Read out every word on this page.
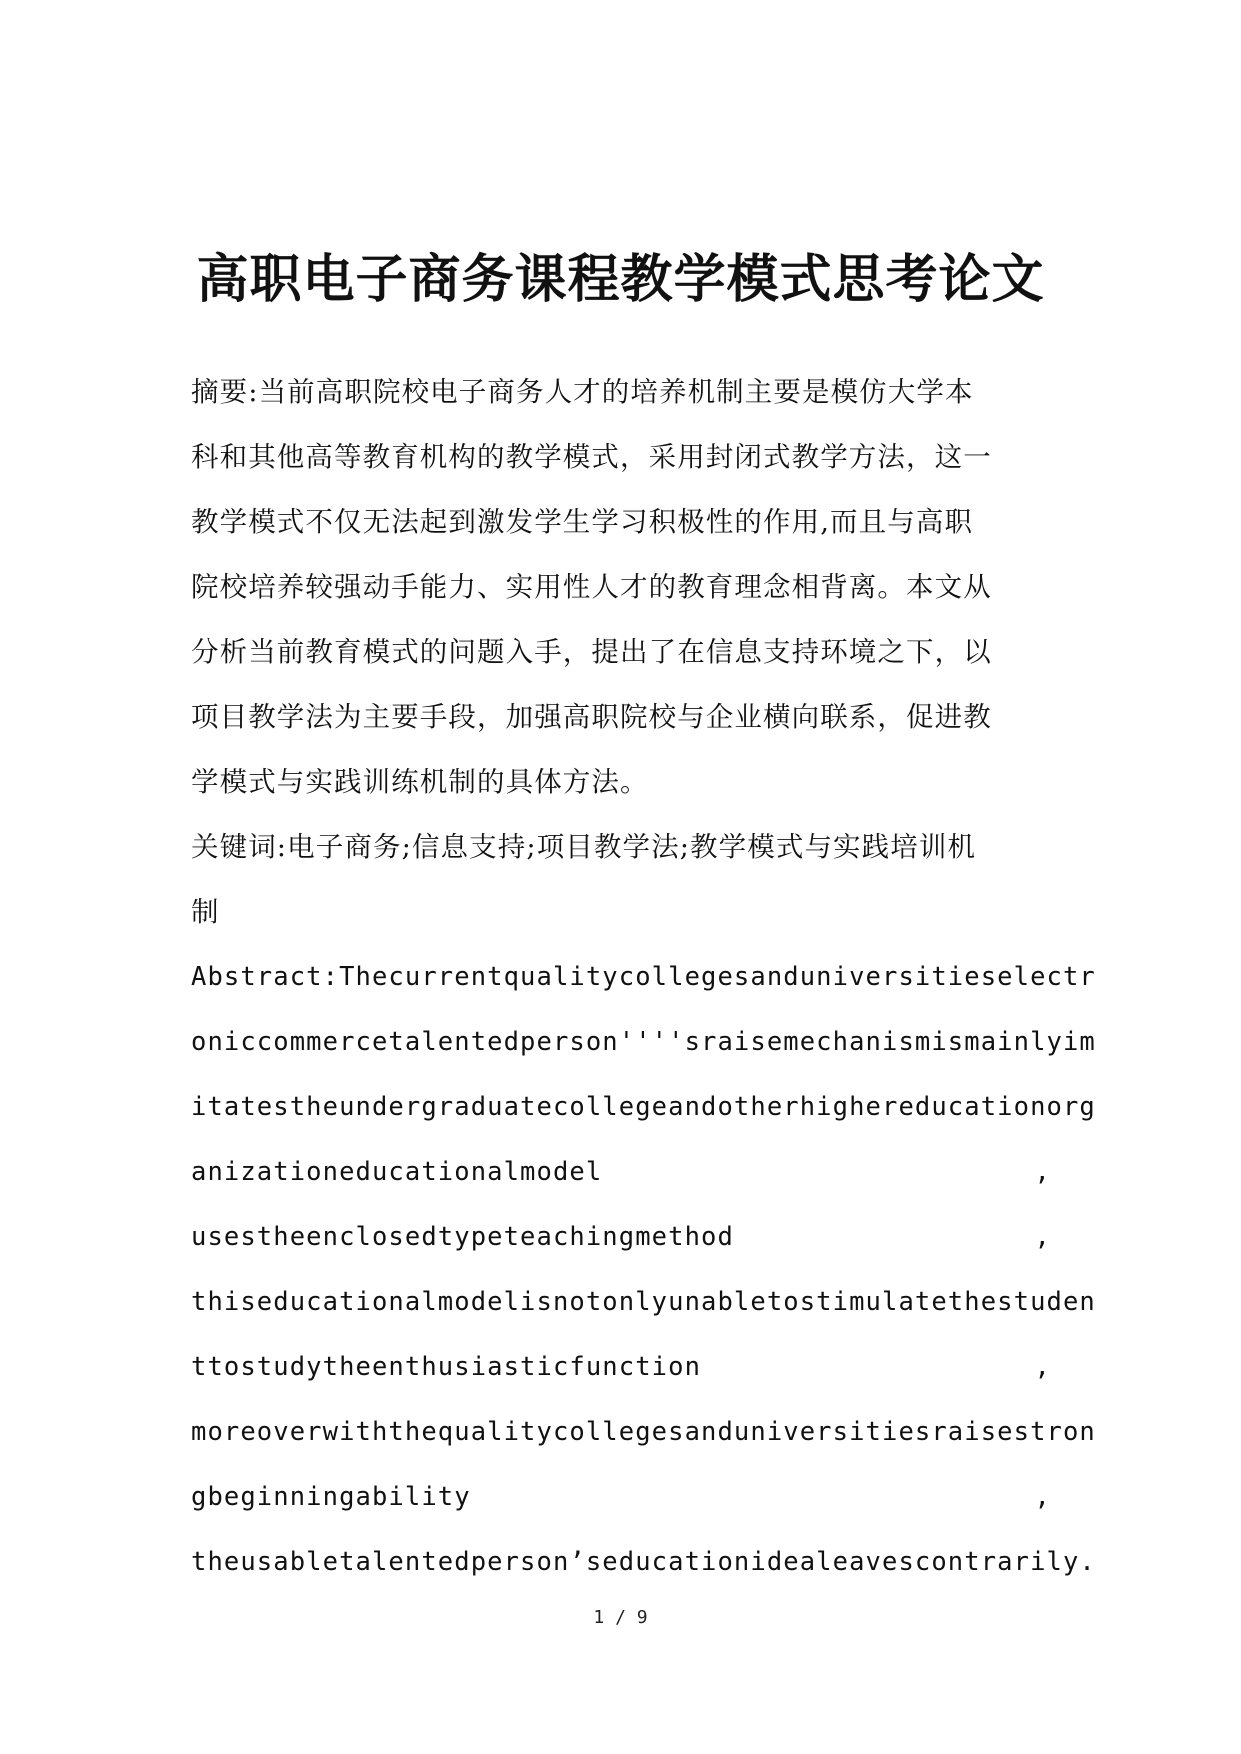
高职电子商务课程教学模式思考论文

摘要:当前高职院校电子商务人才的培养机制主要是模仿大学本

科和其他高等教育机构的教学模式，采用封闭式教学方法，这一

教学模式不仅无法起到激发学生学习积极性的作用,而且与高职

院校培养较强动手能力、实用性人才的教育理念相背离。本文从

分析当前教育模式的问题入手，提出了在信息支持环境之下，以

项目教学法为主要手段，加强高职院校与企业横向联系，促进教

学模式与实践训练机制的具体方法。

关键词:电子商务;信息支持;项目教学法;教学模式与实践培训机

制

Abstract:Thecurrentqualitycollegesanduniversitieselectr
oniccommercetalentedperson''''sraisemechanismismainlyim
itatestheundergraduatecollegeandotherhighereducationorg
anizationeducationalmodel	,
usestheenclosedtypeteachingmethod	,
thiseducationalmodelisnotonlyunabletostimulatethestuden
ttostudytheenthusiasticfunction	,
moreoverwiththequalitycollegesanduniversitiesraisestron
gbeginningability	,
theusabletalentedperson’seducationidealeavescontrarily.
1 / 9
